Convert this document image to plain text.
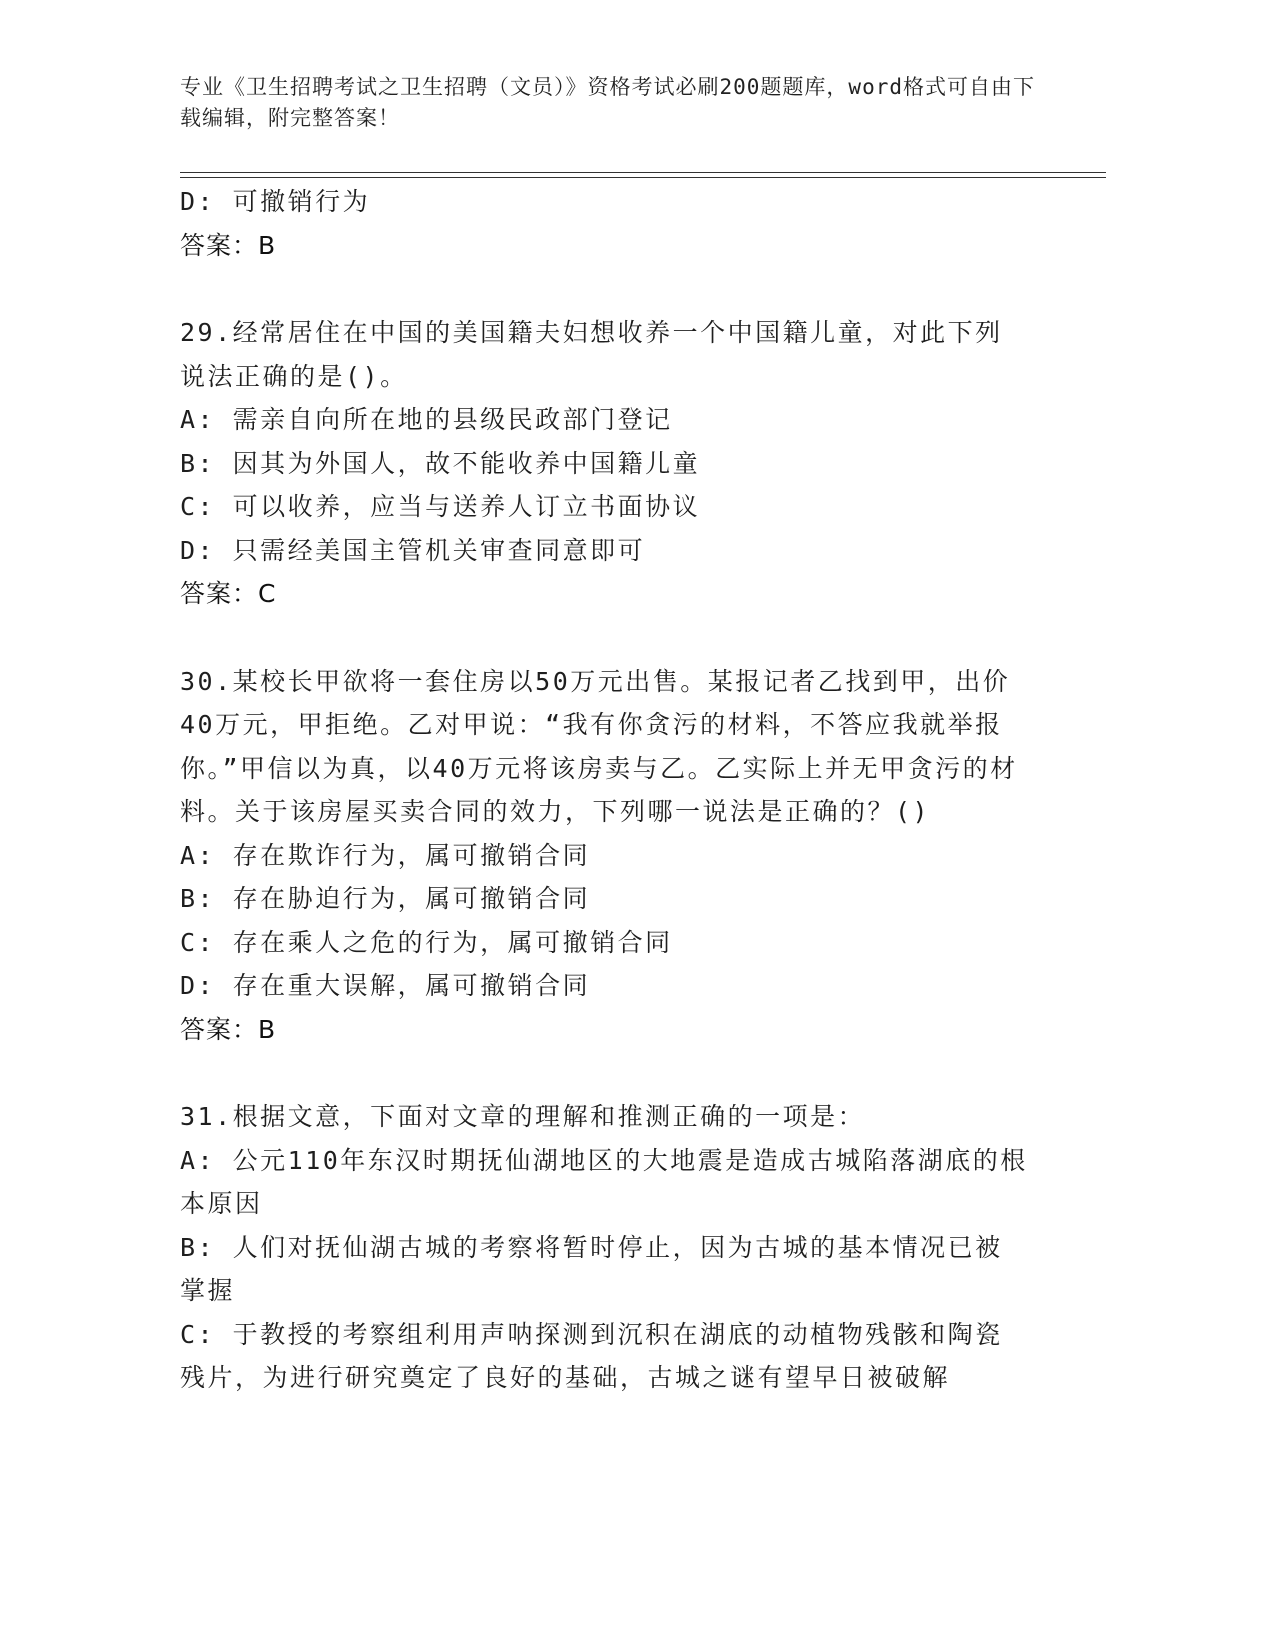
专业《卫生招聘考试之卫生招聘（文员）》资格考试必刷200题题库，word格式可自由下载编辑，附完整答案！
D: 可撤销行为
答案：B
29.经常居住在中国的美国籍夫妇想收养一个中国籍儿童，对此下列说法正确的是()。
A: 需亲自向所在地的县级民政部门登记
B: 因其为外国人，故不能收养中国籍儿童
C: 可以收养，应当与送养人订立书面协议
D: 只需经美国主管机关审查同意即可
答案：C
30.某校长甲欲将一套住房以50万元出售。某报记者乙找到甲，出价40万元，甲拒绝。乙对甲说：“我有你贪污的材料，不答应我就举报你。”甲信以为真，以40万元将该房卖与乙。乙实际上并无甲贪污的材料。关于该房屋买卖合同的效力，下列哪一说法是正确的？()
A: 存在欺诈行为，属可撤销合同
B: 存在胁迫行为，属可撤销合同
C: 存在乘人之危的行为，属可撤销合同
D: 存在重大误解，属可撤销合同
答案：B
31.根据文意，下面对文章的理解和推测正确的一项是：
A: 公元110年东汉时期抚仙湖地区的大地震是造成古城陷落湖底的根本原因
B: 人们对抚仙湖古城的考察将暂时停止，因为古城的基本情况已被掌握
C: 于教授的考察组利用声呐探测到沉积在湖底的动植物残骸和陶瓷残片，为进行研究奠定了良好的基础，古城之谜有望早日被破解
